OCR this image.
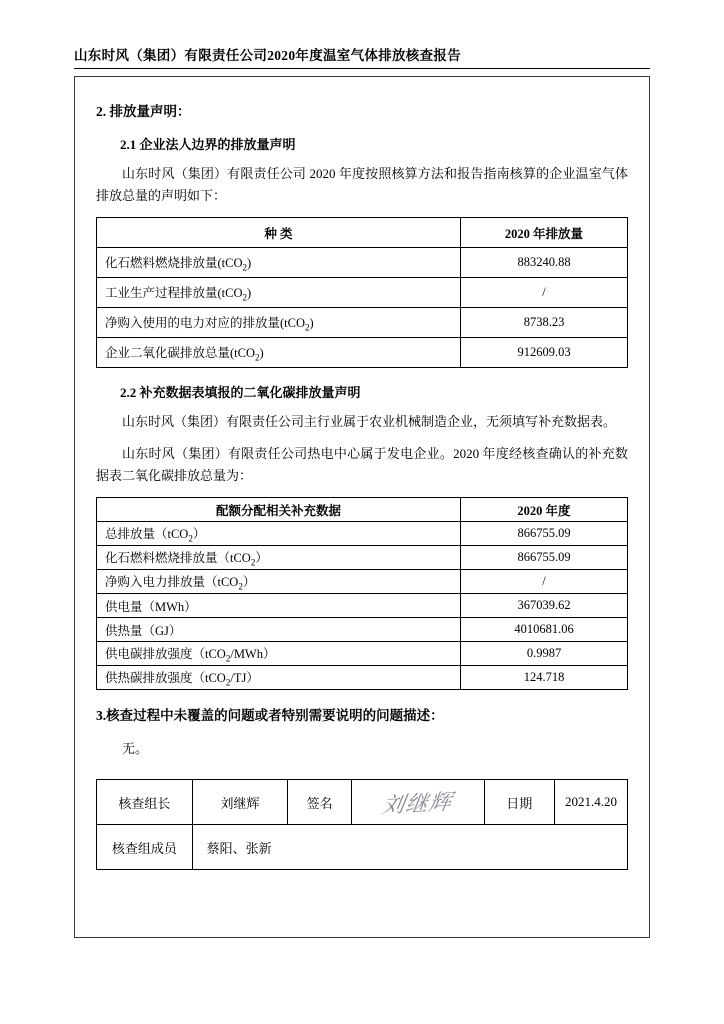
山东时风（集团）有限责任公司2020年度温室气体排放核查报告
2. 排放量声明：
2.1 企业法人边界的排放量声明
山东时风（集团）有限责任公司 2020 年度按照核算方法和报告指南核算的企业温室气体排放总量的声明如下：
种 类	2020 年排放量
化石燃料燃烧排放量(tCO$_2$)	883240.88
工业生产过程排放量(tCO$_2$)	/
净购入使用的电力对应的排放量(tCO$_2$)	8738.23
企业二氧化碳排放总量(tCO$_2$)	912609.03
2.2 补充数据表填报的二氧化碳排放量声明
山东时风（集团）有限责任公司主行业属于农业机械制造企业，无须填写补充数据表。
山东时风（集团）有限责任公司热电中心属于发电企业。2020 年度经核查确认的补充数据表二氧化碳排放总量为：
配额分配相关补充数据	2020 年度
总排放量（tCO$_2$）	866755.09
化石燃料燃烧排放量（tCO$_2$）	866755.09
净购入电力排放量（tCO$_2$）	/
供电量（MWh）	367039.62
供热量（GJ）	4010681.06
供电碳排放强度（tCO$_2$/MWh）	0.9987
供热碳排放强度（tCO$_2$/TJ）	124.718
3.核查过程中未覆盖的问题或者特别需要说明的问题描述：
无。
核查组长	刘继辉	签名	刘继辉	日期	2021.4.20
核查组成员	蔡阳、张新				
